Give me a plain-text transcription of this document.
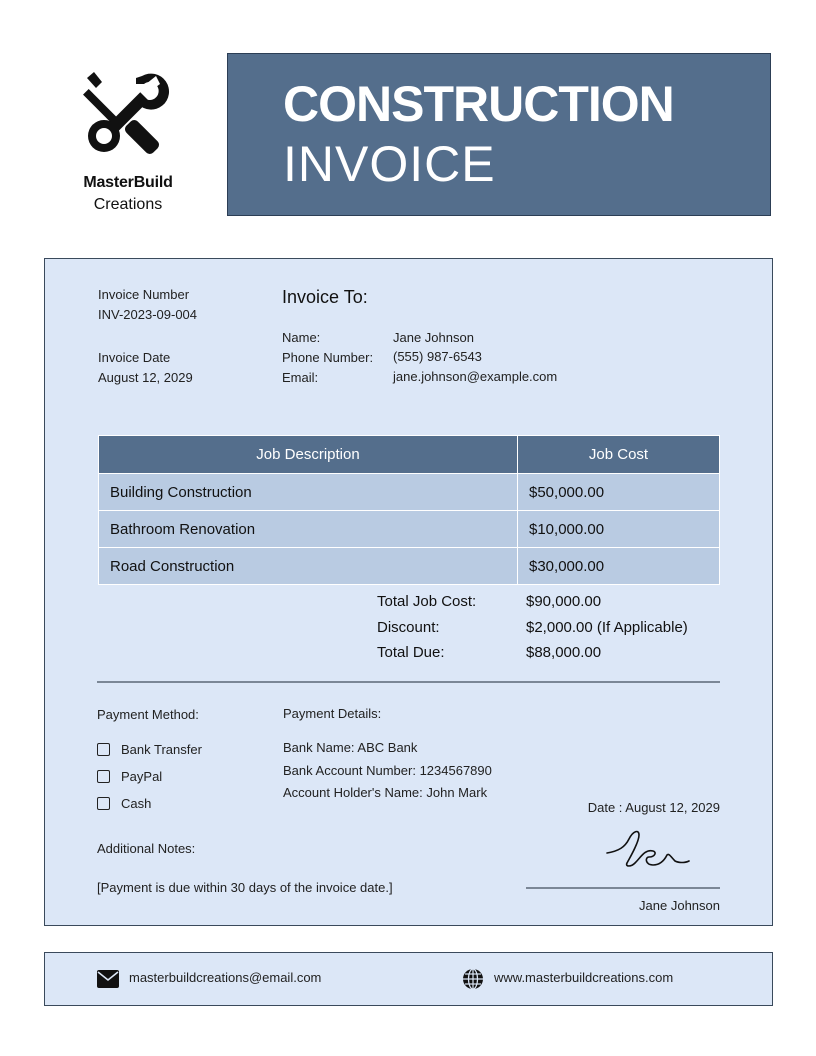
MasterBuild
Creations
CONSTRUCTION
INVOICE
Invoice Number
INV-2023-09-004
Invoice Date
August 12, 2029
Invoice To:
Name:	Jane Johnson
Phone Number: (555) 987-6543
Email:	jane.johnson@example.com
Job Description	Job Cost
Building Construction	$50,000.00
Bathroom Renovation	$10,000.00
Road Construction	$30,000.00
Total Job Cost:	$90,000.00
Discount:	$2,000.00 (If Applicable)
Total Due:	$88,000.00
Payment Method:
Bank Transfer
PayPal
Cash
Payment Details:
Bank Name: ABC Bank
Bank Account Number: 1234567890
Account Holder's Name: John Mark
Additional Notes:
[Payment is due within 30 days of the invoice date.]
Date : August 12, 2029
Jane Johnson
masterbuildcreations@email.com	www.masterbuildcreations.com
